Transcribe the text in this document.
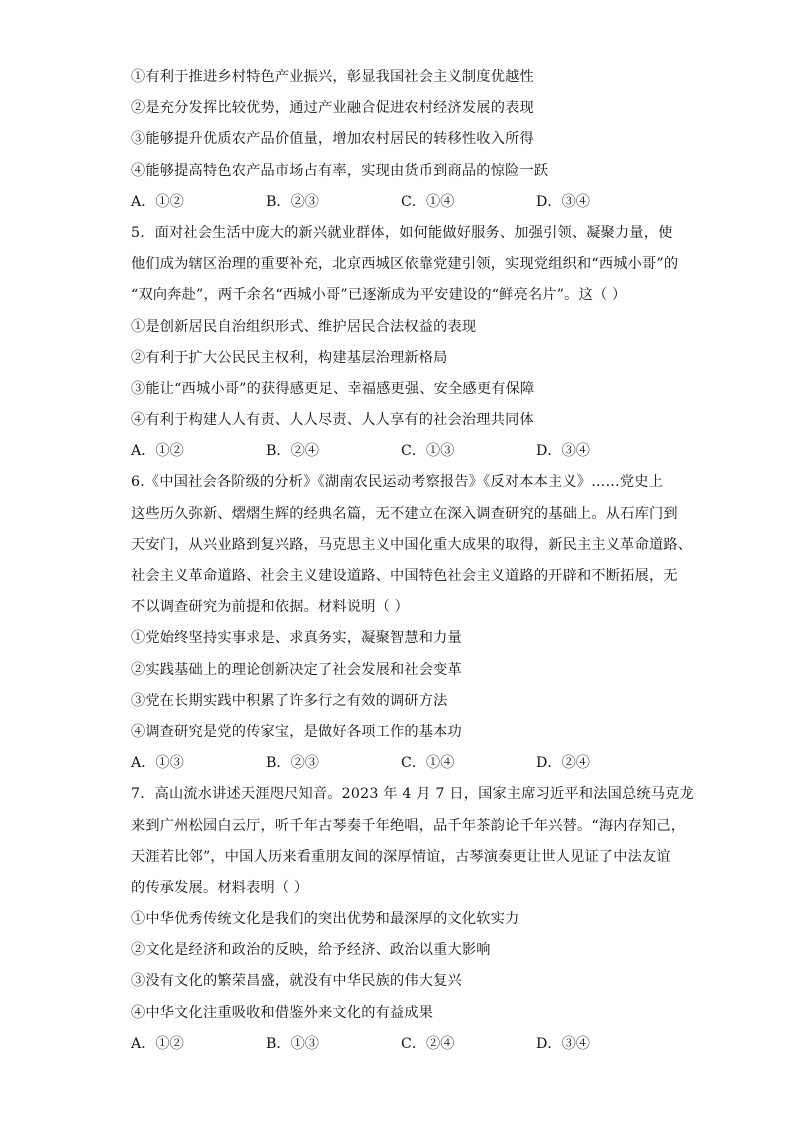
①有利于推进乡村特色产业振兴，彰显我国社会主义制度优越性
②是充分发挥比较优势，通过产业融合促进农村经济发展的表现
③能够提升优质农产品价值量，增加农村居民的转移性收入所得
④能够提高特色农产品市场占有率，实现由货币到商品的惊险一跃
A．①②	B．②③	C．①④	D．③④
5．面对社会生活中庞大的新兴就业群体，如何能做好服务、加强引领、凝聚力量，使
他们成为辖区治理的重要补充，北京西城区依靠党建引领，实现党组织和“西城小哥”的
“双向奔赴”，两千余名“西城小哥”已逐渐成为平安建设的“鲜亮名片”。这（ ）
①是创新居民自治组织形式、维护居民合法权益的表现
②有利于扩大公民民主权利，构建基层治理新格局
③能让“西城小哥”的获得感更足、幸福感更强、安全感更有保障
④有利于构建人人有责、人人尽责、人人享有的社会治理共同体
A．①②	B．②④	C．①③	D．③④
6.《中国社会各阶级的分析》《湖南农民运动考察报告》《反对本本主义》……党史上
这些历久弥新、熠熠生辉的经典名篇，无不建立在深入调查研究的基础上。从石库门到
天安门，从兴业路到复兴路，马克思主义中国化重大成果的取得，新民主主义革命道路、
社会主义革命道路、社会主义建设道路、中国特色社会主义道路的开辟和不断拓展，无
不以调查研究为前提和依据。材料说明（ ）
①党始终坚持实事求是、求真务实，凝聚智慧和力量
②实践基础上的理论创新决定了社会发展和社会变革
③党在长期实践中积累了许多行之有效的调研方法
④调查研究是党的传家宝，是做好各项工作的基本功
A．①③	B．②③	C．①④	D．②④
7．高山流水讲述天涯咫尺知音。2023 年 4 月 7 日，国家主席习近平和法国总统马克龙
来到广州松园白云厅，听千年古琴奏千年绝唱，品千年茶韵论千年兴替。“海内存知己，
天涯若比邻”，中国人历来看重朋友间的深厚情谊，古琴演奏更让世人见证了中法友谊
的传承发展。材料表明（ ）
①中华优秀传统文化是我们的突出优势和最深厚的文化软实力
②文化是经济和政治的反映，给予经济、政治以重大影响
③没有文化的繁荣昌盛，就没有中华民族的伟大复兴
④中华文化注重吸收和借鉴外来文化的有益成果
A．①②	B．①③	C．②④	D．③④
